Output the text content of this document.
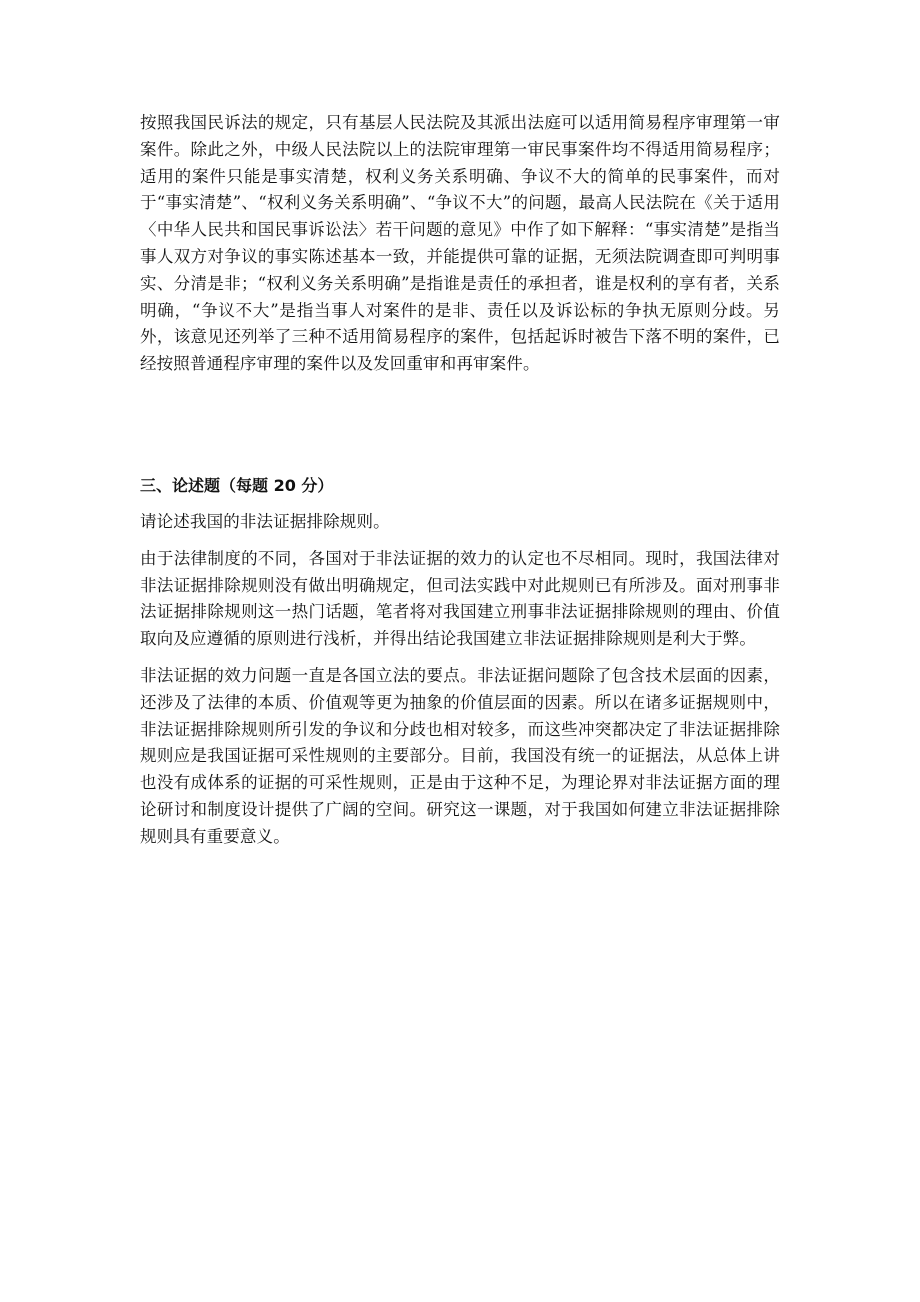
按照我国民诉法的规定，只有基层人民法院及其派出法庭可以适用简易程序审理第一审案件。除此之外，中级人民法院以上的法院审理第一审民事案件均不得适用简易程序；适用的案件只能是事实清楚，权利义务关系明确、争议不大的简单的民事案件，而对于“事实清楚”、“权利义务关系明确”、“争议不大”的问题，最高人民法院在《关于适用〈中华人民共和国民事诉讼法〉若干问题的意见》中作了如下解释：“事实清楚”是指当事人双方对争议的事实陈述基本一致，并能提供可靠的证据，无须法院调查即可判明事实、分清是非；“权利义务关系明确”是指谁是责任的承担者，谁是权利的享有者，关系明确，“争议不大”是指当事人对案件的是非、责任以及诉讼标的争执无原则分歧。另外，该意见还列举了三种不适用简易程序的案件，包括起诉时被告下落不明的案件，已经按照普通程序审理的案件以及发回重审和再审案件。

三、论述题（每题 20 分）

请论述我国的非法证据排除规则。

由于法律制度的不同，各国对于非法证据的效力的认定也不尽相同。现时，我国法律对非法证据排除规则没有做出明确规定，但司法实践中对此规则已有所涉及。面对刑事非法证据排除规则这一热门话题，笔者将对我国建立刑事非法证据排除规则的理由、价值取向及应遵循的原则进行浅析，并得出结论我国建立非法证据排除规则是利大于弊。

非法证据的效力问题一直是各国立法的要点。非法证据问题除了包含技术层面的因素，还涉及了法律的本质、价值观等更为抽象的价值层面的因素。所以在诸多证据规则中，非法证据排除规则所引发的争议和分歧也相对较多，而这些冲突都决定了非法证据排除规则应是我国证据可采性规则的主要部分。目前，我国没有统一的证据法，从总体上讲也没有成体系的证据的可采性规则，正是由于这种不足，为理论界对非法证据方面的理论研讨和制度设计提供了广阔的空间。研究这一课题，对于我国如何建立非法证据排除规则具有重要意义。
